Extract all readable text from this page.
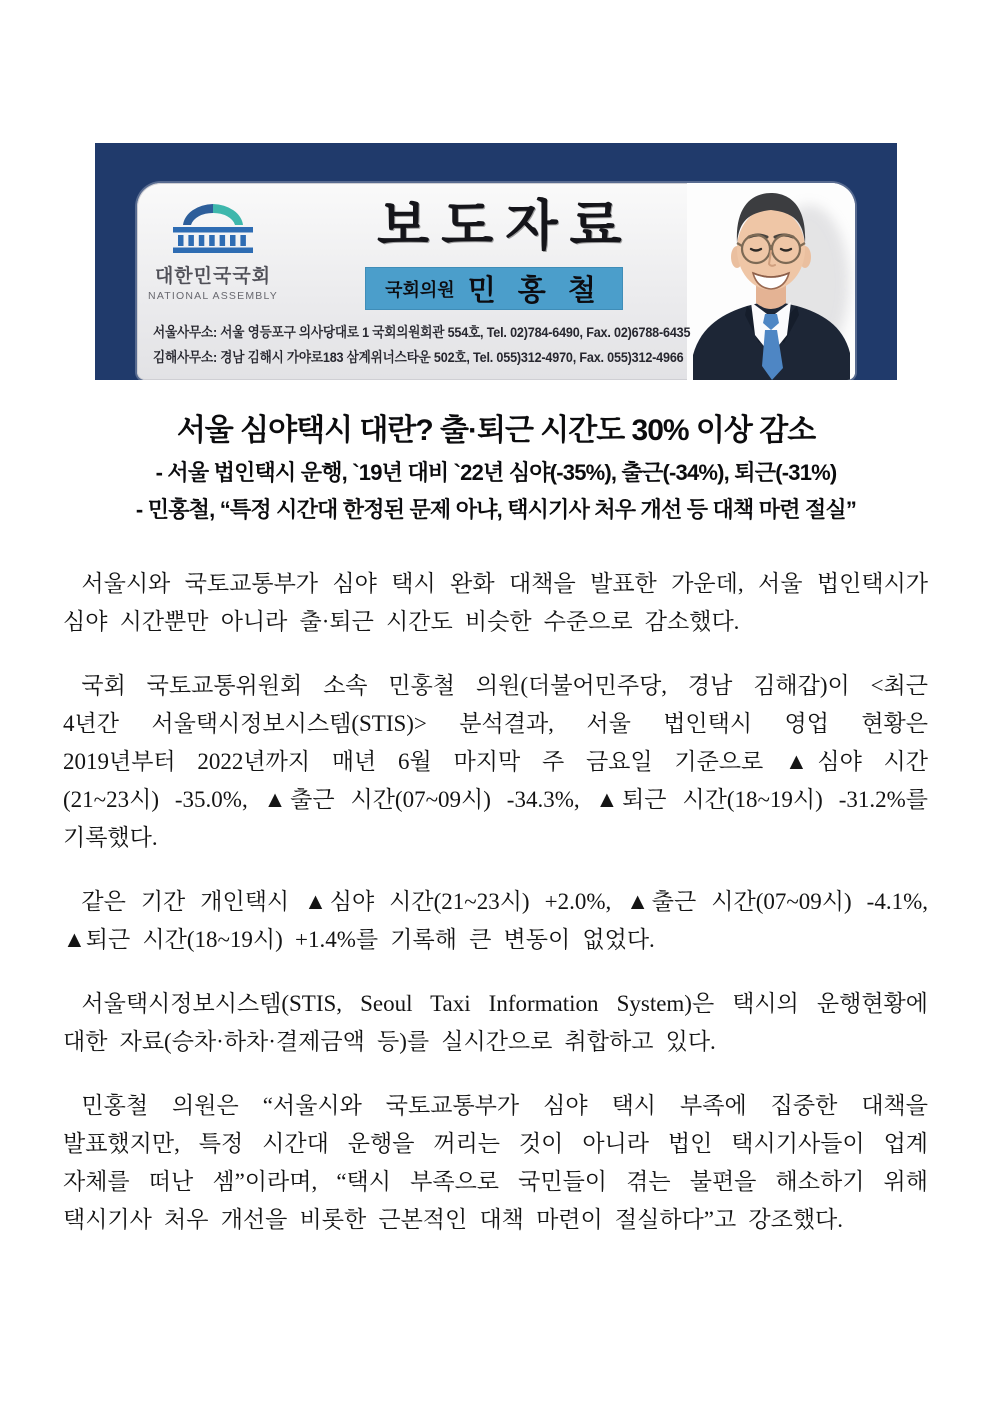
대한민국국회
NATIONAL ASSEMBLY
보도자료
국회의원 민 홍 철
서울사무소: 서울 영등포구 의사당대로 1 국회의원회관 554호, Tel. 02)784-6490, Fax. 02)6788-6435
김해사무소: 경남 김해시 가야로183 삼계위너스타운 502호, Tel. 055)312-4970, Fax. 055)312-4966
서울 심야택시 대란? 출·퇴근 시간도 30% 이상 감소
- 서울 법인택시 운행, `19년 대비 `22년 심야(-35%), 출근(-34%), 퇴근(-31%)
- 민홍철, “특정 시간대 한정된 문제 아냐, 택시기사 처우 개선 등 대책 마련 절실”

서울시와 국토교통부가 심야 택시 완화 대책을 발표한 가운데, 서울 법인택시가 심야 시간뿐만 아니라 출·퇴근 시간도 비슷한 수준으로 감소했다.

국회 국토교통위원회 소속 민홍철 의원(더불어민주당, 경남 김해갑)이 <최근 4년간 서울택시정보시스템(STIS)> 분석결과, 서울 법인택시 영업 현황은 2019년부터 2022년까지 매년 6월 마지막 주 금요일 기준으로 ▲심야 시간(21~23시) -35.0%, ▲출근 시간(07~09시) -34.3%, ▲퇴근 시간(18~19시) -31.2%를 기록했다.

같은 기간 개인택시 ▲심야 시간(21~23시) +2.0%, ▲출근 시간(07~09시) -4.1%, ▲퇴근 시간(18~19시) +1.4%를 기록해 큰 변동이 없었다.

서울택시정보시스템(STIS, Seoul Taxi Information System)은 택시의 운행현황에 대한 자료(승차·하차·결제금액 등)를 실시간으로 취합하고 있다.

민홍철 의원은 “서울시와 국토교통부가 심야 택시 부족에 집중한 대책을 발표했지만, 특정 시간대 운행을 꺼리는 것이 아니라 법인 택시기사들이 업계 자체를 떠난 셈”이라며, “택시 부족으로 국민들이 겪는 불편을 해소하기 위해 택시기사 처우 개선을 비롯한 근본적인 대책 마련이 절실하다”고 강조했다.
